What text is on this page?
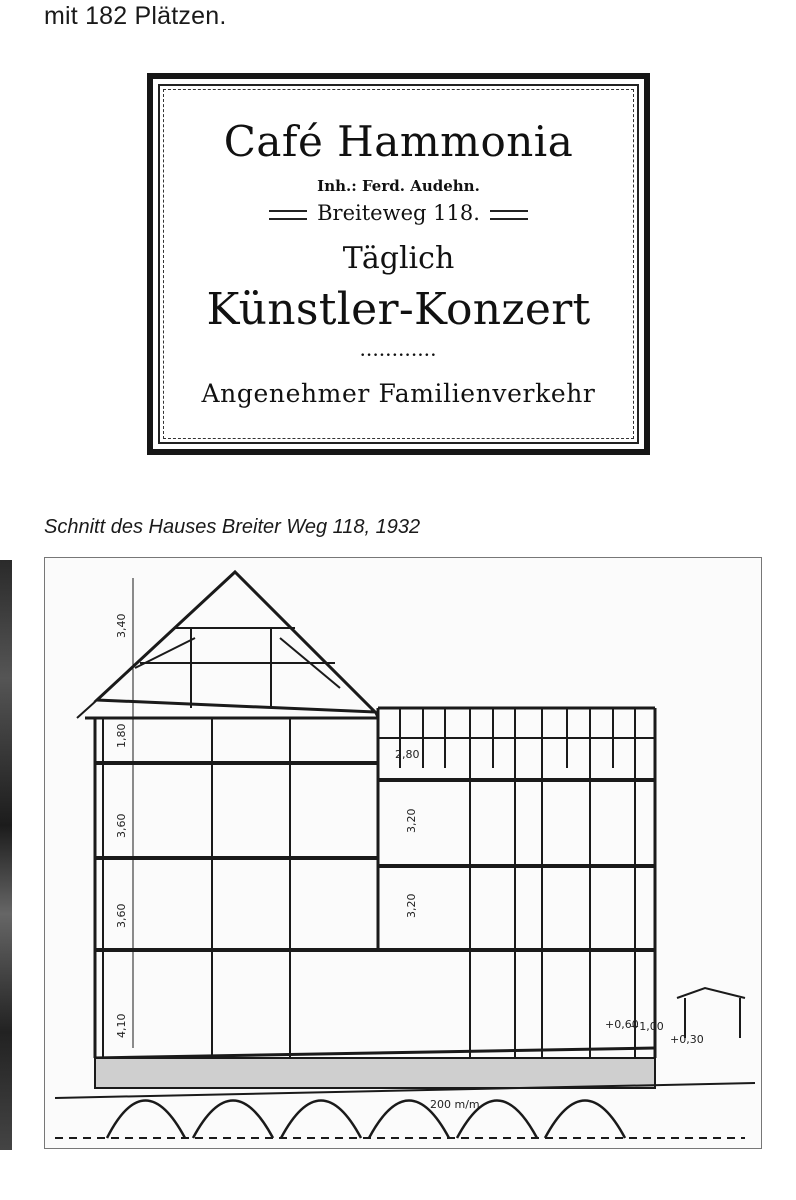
mit 182 Plätzen.
Café Hammonia
Inh.: Ferd. Audehn.
Breiteweg 118.
Täglich
Künstler-Konzert
••••••••••••
Angenehmer Familienverkehr
Schnitt des Hauses Breiter Weg 118, 1932
3,40
2,80
1,80
3,60
3,60
4,10
3,20
3,20
+0,60
+1,00
+0,30
200 m/m
